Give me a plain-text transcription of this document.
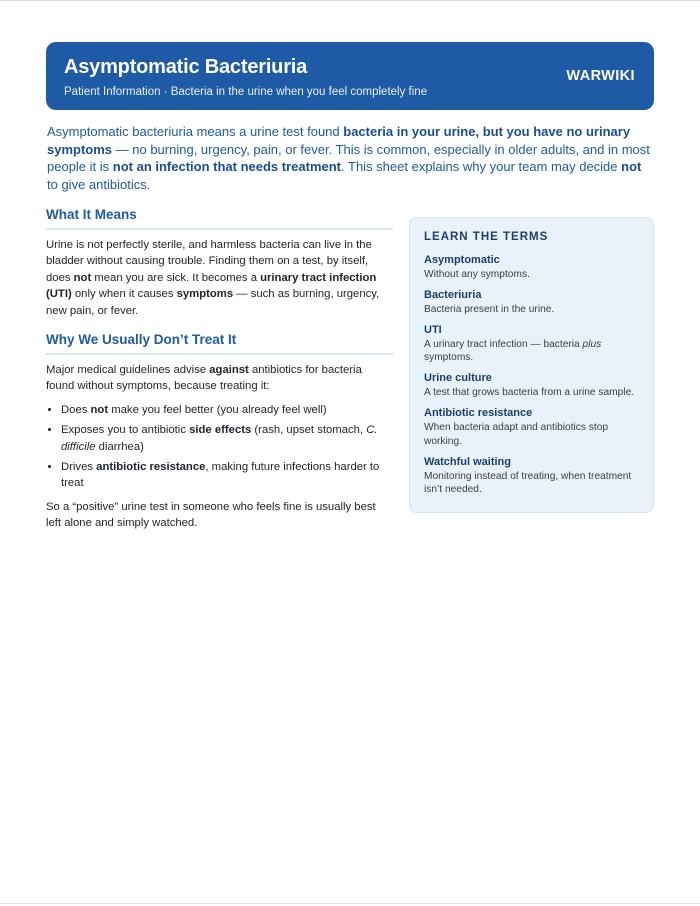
Asymptomatic Bacteriuria
Patient Information · Bacteria in the urine when you feel completely fine
WARWIKI
Asymptomatic bacteriuria means a urine test found bacteria in your urine, but you have no urinary symptoms — no burning, urgency, pain, or fever. This is common, especially in older adults, and in most people it is not an infection that needs treatment. This sheet explains why your team may decide not to give antibiotics.
What It Means

Urine is not perfectly sterile, and harmless bacteria can live in the bladder without causing trouble. Finding them on a test, by itself, does not mean you are sick. It becomes a urinary tract infection (UTI) only when it causes symptoms — such as burning, urgency, new pain, or fever.

Why We Usually Don’t Treat It

Major medical guidelines advise against antibiotics for bacteria found without symptoms, because treating it:

• Does not make you feel better (you already feel well)
• Exposes you to antibiotic side effects (rash, upset stomach, C. difficile diarrhea)
• Drives antibiotic resistance, making future infections harder to treat

So a “positive” urine test in someone who feels fine is usually best left alone and simply watched.

LEARN THE TERMS
Asymptomatic
Without any symptoms.
Bacteriuria
Bacteria present in the urine.
UTI
A urinary tract infection — bacteria plus symptoms.
Urine culture
A test that grows bacteria from a urine sample.
Antibiotic resistance
When bacteria adapt and antibiotics stop working.
Watchful waiting
Monitoring instead of treating, when treatment isn’t needed.
